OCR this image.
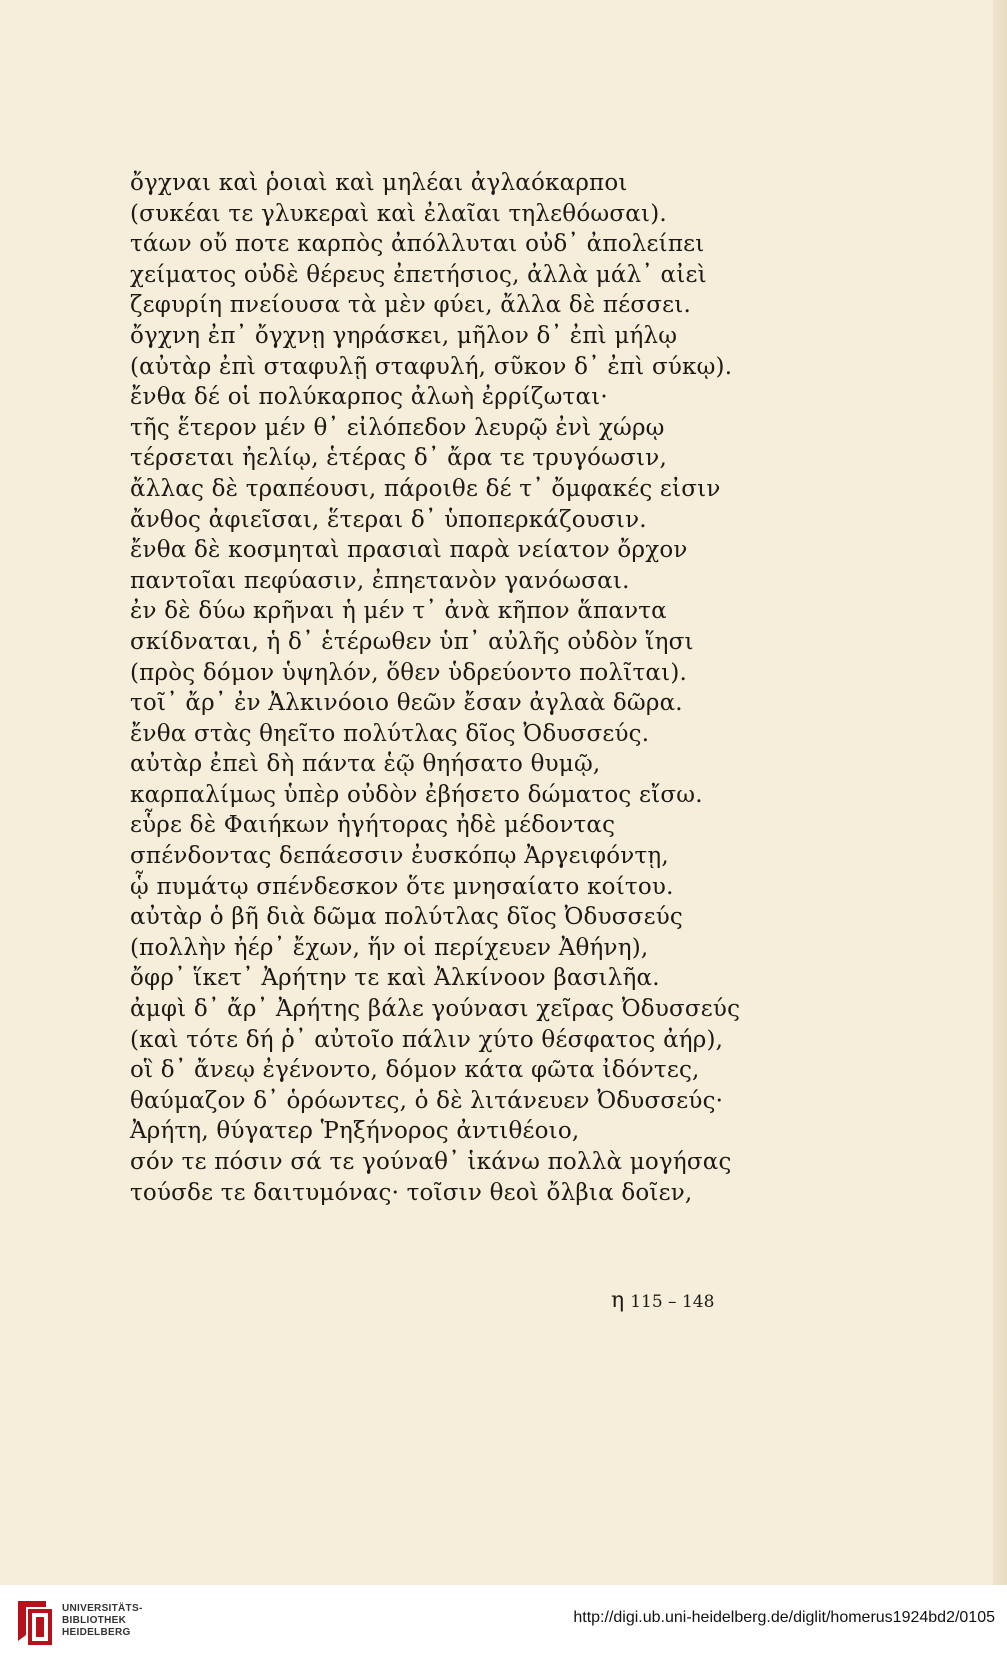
ὄγχναι καὶ ῥοιαὶ καὶ μηλέαι ἀγλαόκαρποι
(συκέαι τε γλυκεραὶ καὶ ἐλαῖαι τηλεθόωσαι).
τάων οὔ ποτε καρπὸς ἀπόλλυται οὐδ᾽ ἀπολείπει
χείματος οὐδὲ θέρευς ἐπετήσιος, ἀλλὰ μάλ᾽ αἰεὶ
ζεφυρίη πνείουσα τὰ μὲν φύει, ἄλλα δὲ πέσσει.
ὄγχνη ἐπ᾽ ὄγχνῃ γηράσκει, μῆλον δ᾽ ἐπὶ μήλῳ
(αὐτὰρ ἐπὶ σταφυλῇ σταφυλή, σῦκον δ᾽ ἐπὶ σύκῳ).
ἔνθα δέ οἱ πολύκαρπος ἀλωὴ ἐρρίζωται·
τῆς ἕτερον μέν θ᾽ εἰλόπεδον λευρῷ ἐνὶ χώρῳ
τέρσεται ἠελίῳ, ἑτέρας δ᾽ ἄρα τε τρυγόωσιν,
ἄλλας δὲ τραπέουσι, πάροιθε δέ τ᾽ ὄμφακές εἰσιν
ἄνθος ἀφιεῖσαι, ἕτεραι δ᾽ ὑποπερκάζουσιν.
ἔνθα δὲ κοσμηταὶ πρασιαὶ παρὰ νείατον ὄρχον
παντοῖαι πεφύασιν, ἐπηετανὸν γανόωσαι.
ἐν δὲ δύω κρῆναι ἡ μέν τ᾽ ἀνὰ κῆπον ἅπαντα
σκίδναται, ἡ δ᾽ ἑτέρωθεν ὑπ᾽ αὐλῆς οὐδὸν ἵησι
(πρὸς δόμον ὑψηλόν, ὅθεν ὑδρεύοντο πολῖται).
τοῖ᾽ ἄρ᾽ ἐν Ἀλκινόοιο θεῶν ἔσαν ἀγλαὰ δῶρα.
ἔνθα στὰς θηεῖτο πολύτλας δῖος Ὀδυσσεύς.
αὐτὰρ ἐπεὶ δὴ πάντα ἑῷ θηήσατο θυμῷ,
καρπαλίμως ὑπὲρ οὐδὸν ἐβήσετο δώματος εἴσω.
εὗρε δὲ Φαιήκων ἡγήτορας ἠδὲ μέδοντας
σπένδοντας δεπάεσσιν ἐυσκόπῳ Ἀργειφόντῃ,
ᾧ πυμάτῳ σπένδεσκον ὅτε μνησαίατο κοίτου.
αὐτὰρ ὁ βῆ διὰ δῶμα πολύτλας δῖος Ὀδυσσεύς
(πολλὴν ἠέρ᾽ ἔχων, ἥν οἱ περίχευεν Ἀθήνη),
ὄφρ᾽ ἵκετ᾽ Ἀρήτην τε καὶ Ἀλκίνοον βασιλῆα.
ἀμφὶ δ᾽ ἄρ᾽ Ἀρήτης βάλε γούνασι χεῖρας Ὀδυσσεύς
(καὶ τότε δή ῥ᾽ αὐτοῖο πάλιν χύτο θέσφατος ἀήρ),
οἳ δ᾽ ἄνεῳ ἐγένοντο, δόμον κάτα φῶτα ἰδόντες,
θαύμαζον δ᾽ ὁρόωντες, ὁ δὲ λιτάνευεν Ὀδυσσεύς·
Ἀρήτη, θύγατερ Ῥηξήνορος ἀντιθέοιο,
σόν τε πόσιν σά τε γούναθ᾽ ἱκάνω πολλὰ μογήσας
τούσδε τε δαιτυμόνας· τοῖσιν θεοὶ ὄλβια δοῖεν,
η 115 – 148
UNIVERSITÄTS-
BIBLIOTHEK
HEIDELBERG
http://digi.ub.uni-heidelberg.de/diglit/homerus1924bd2/0105
